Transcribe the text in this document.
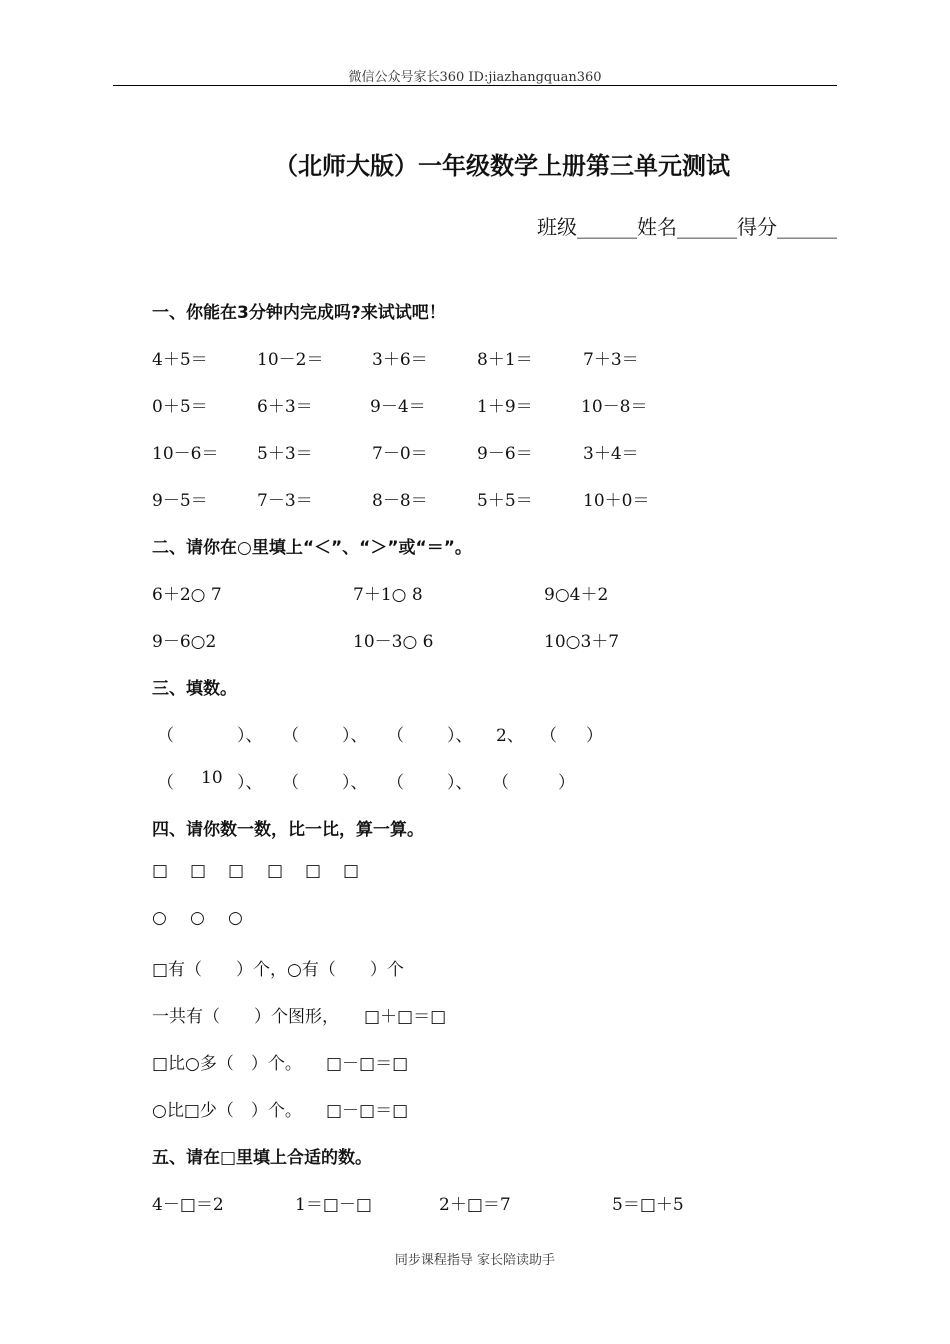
微信公众号家长360 ID:jiazhangquan360
（北师大版）一年级数学上册第三单元测试
班级______姓名______得分______
一、你能在3分钟内完成吗?来试试吧！
4＋5＝	10－2＝	3＋6＝	8＋1＝	7＋3＝
0＋5＝	6＋3＝	9－4＝	1＋9＝	10－8＝
10－6＝ 5＋3＝	7－0＝	9－6＝	3＋4＝
9－5＝	7－3＝	8－8＝	5＋5＝	10＋0＝
二、请你在○里填上“＜”、“＞”或“＝”。
6＋2○ 7	7＋1○ 8	9○4＋2
9－6○2	10－3○ 6	10○3＋7
三、填数。
（	）、 （	）、 （	）、 2、 （ ）
（ 10 ）、 （	）、 （	）、 （	）
四、请你数一数，比一比，算一算。
□ □ □ □ □ □
○ ○ ○
□有（　　）个，○有（　　）个
一共有（　　）个图形， □＋□＝□
□比○多（　）个。 □－□＝□
○比□少（　）个。 □－□＝□
五、请在□里填上合适的数。
4－□＝2	1＝□－□	2＋□＝7	5＝□＋5
同步课程指导 家长陪读助手
